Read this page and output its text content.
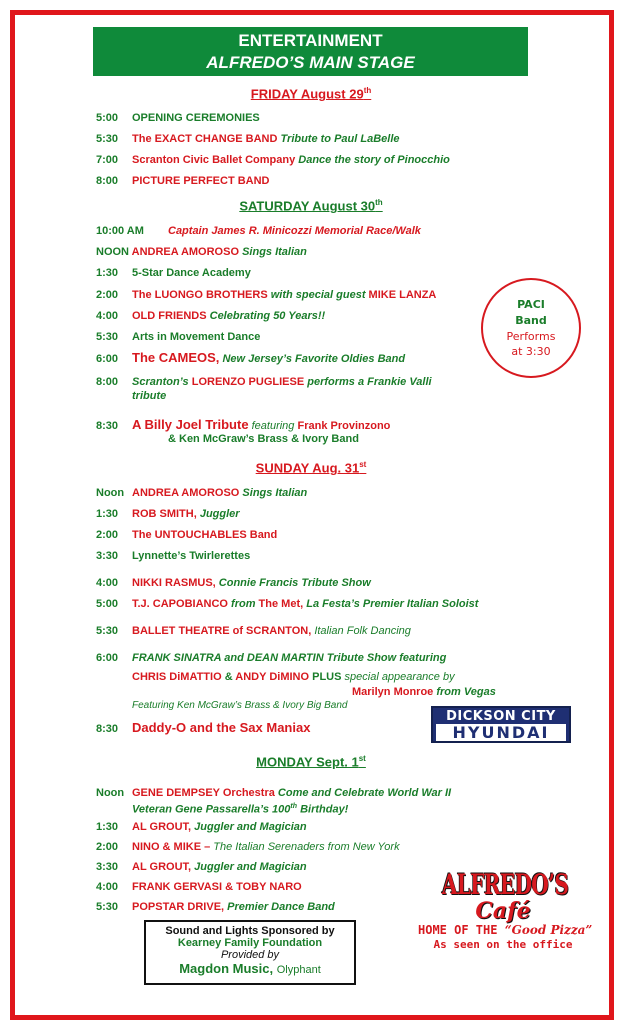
ENTERTAINMENT
ALFREDO’S MAIN STAGE
FRIDAY August 29th
5:00 OPENING CEREMONIES
5:30 The EXACT CHANGE BAND Tribute to Paul LaBelle
7:00 Scranton Civic Ballet Company Dance the story of Pinocchio
8:00 PICTURE PERFECT BAND
SATURDAY August 30th
10:00 AM Captain James R. Minicozzi Memorial Race/Walk
NOON ANDREA AMOROSO Sings Italian
1:30 5-Star Dance Academy
2:00 The LUONGO BROTHERS with special guest MIKE LANZA
4:00 OLD FRIENDS Celebrating 50 Years!!
5:30 Arts in Movement Dance
6:00 The CAMEOS, New Jersey’s Favorite Oldies Band
8:00 Scranton’s LORENZO PUGLIESE performs a Frankie Valli
tribute
8:30 A Billy Joel Tribute featuring Frank Provinzono
& Ken McGraw’s Brass & Ivory Band
PACI
Band
Performs
at 3:30
SUNDAY Aug. 31st
Noon ANDREA AMOROSO Sings Italian
1:30 ROB SMITH, Juggler
2:00 The UNTOUCHABLES Band
3:30 Lynnette’s Twirlerettes
4:00 NIKKI RASMUS, Connie Francis Tribute Show
5:00 T.J. CAPOBIANCO from The Met, La Festa’s Premier Italian Soloist
5:30 BALLET THEATRE of SCRANTON, Italian Folk Dancing
6:00 FRANK SINATRA and DEAN MARTIN Tribute Show featuring
CHRIS DiMATTIO & ANDY DiMINO PLUS special appearance by
Marilyn Monroe from Vegas
Featuring Ken McGraw’s Brass & Ivory Big Band
8:30 Daddy-O and the Sax Maniax
DICKSON CITY
HYUNDAI
MONDAY Sept. 1st
Noon GENE DEMPSEY Orchestra Come and Celebrate World War II
Veteran Gene Passarella’s 100th Birthday!
1:30 AL GROUT, Juggler and Magician
2:00 NINO & MIKE – The Italian Serenaders from New York
3:30 AL GROUT, Juggler and Magician
4:00 FRANK GERVASI & TOBY NARO
5:30 POPSTAR DRIVE, Premier Dance Band
Sound and Lights Sponsored by
Kearney Family Foundation
Provided by
Magdon Music, Olyphant
ALFREDO’S
Café
HOME OF THE “Good Pizza”
As seen on the office
